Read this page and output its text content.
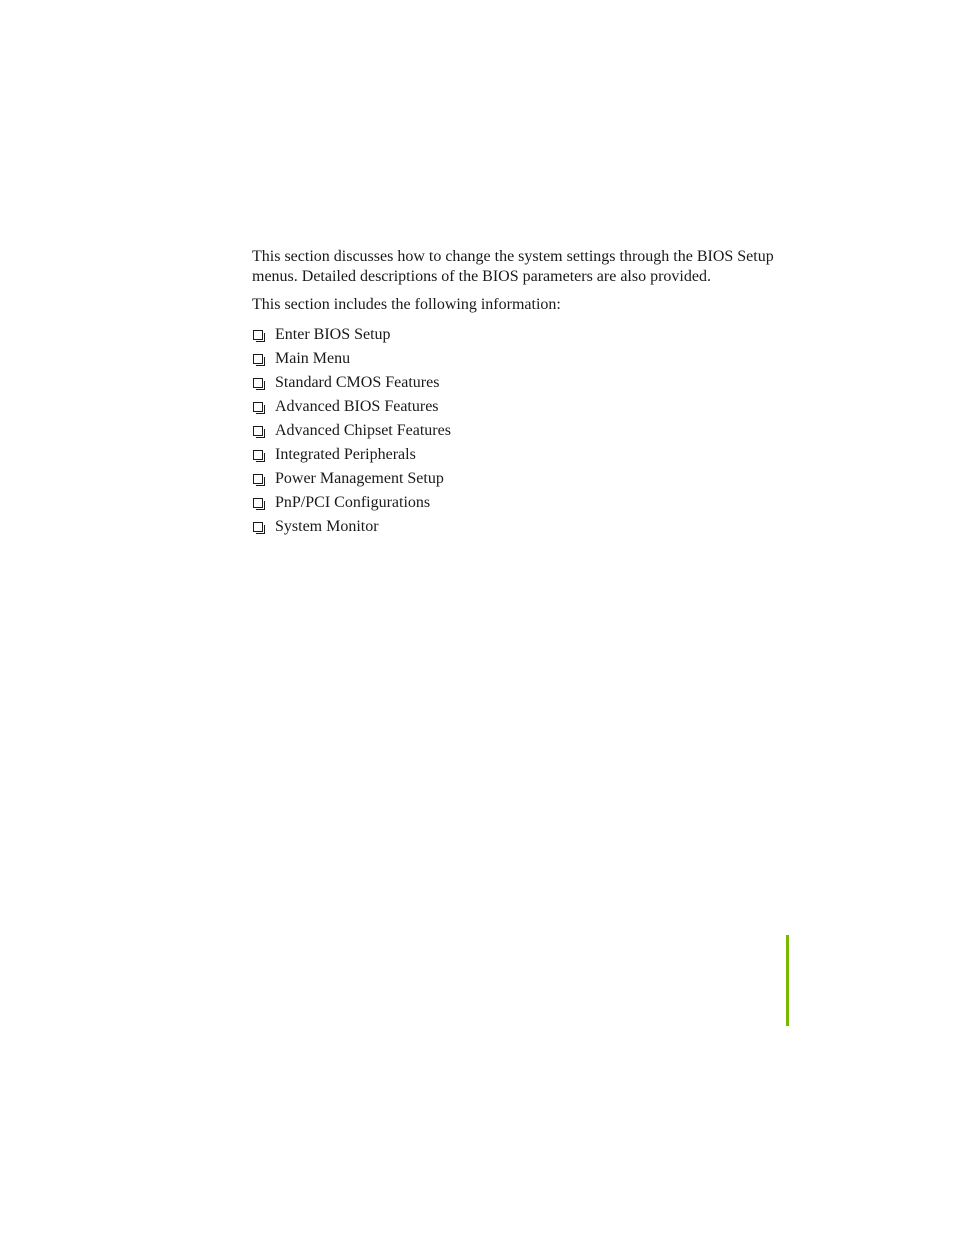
This section discusses how to change the system settings through the BIOS Setup menus. Detailed descriptions of the BIOS parameters are also provided.

This section includes the following information:

Enter BIOS Setup
Main Menu
Standard CMOS Features
Advanced BIOS Features
Advanced Chipset Features
Integrated Peripherals
Power Management Setup
PnP/PCI Configurations
System Monitor
